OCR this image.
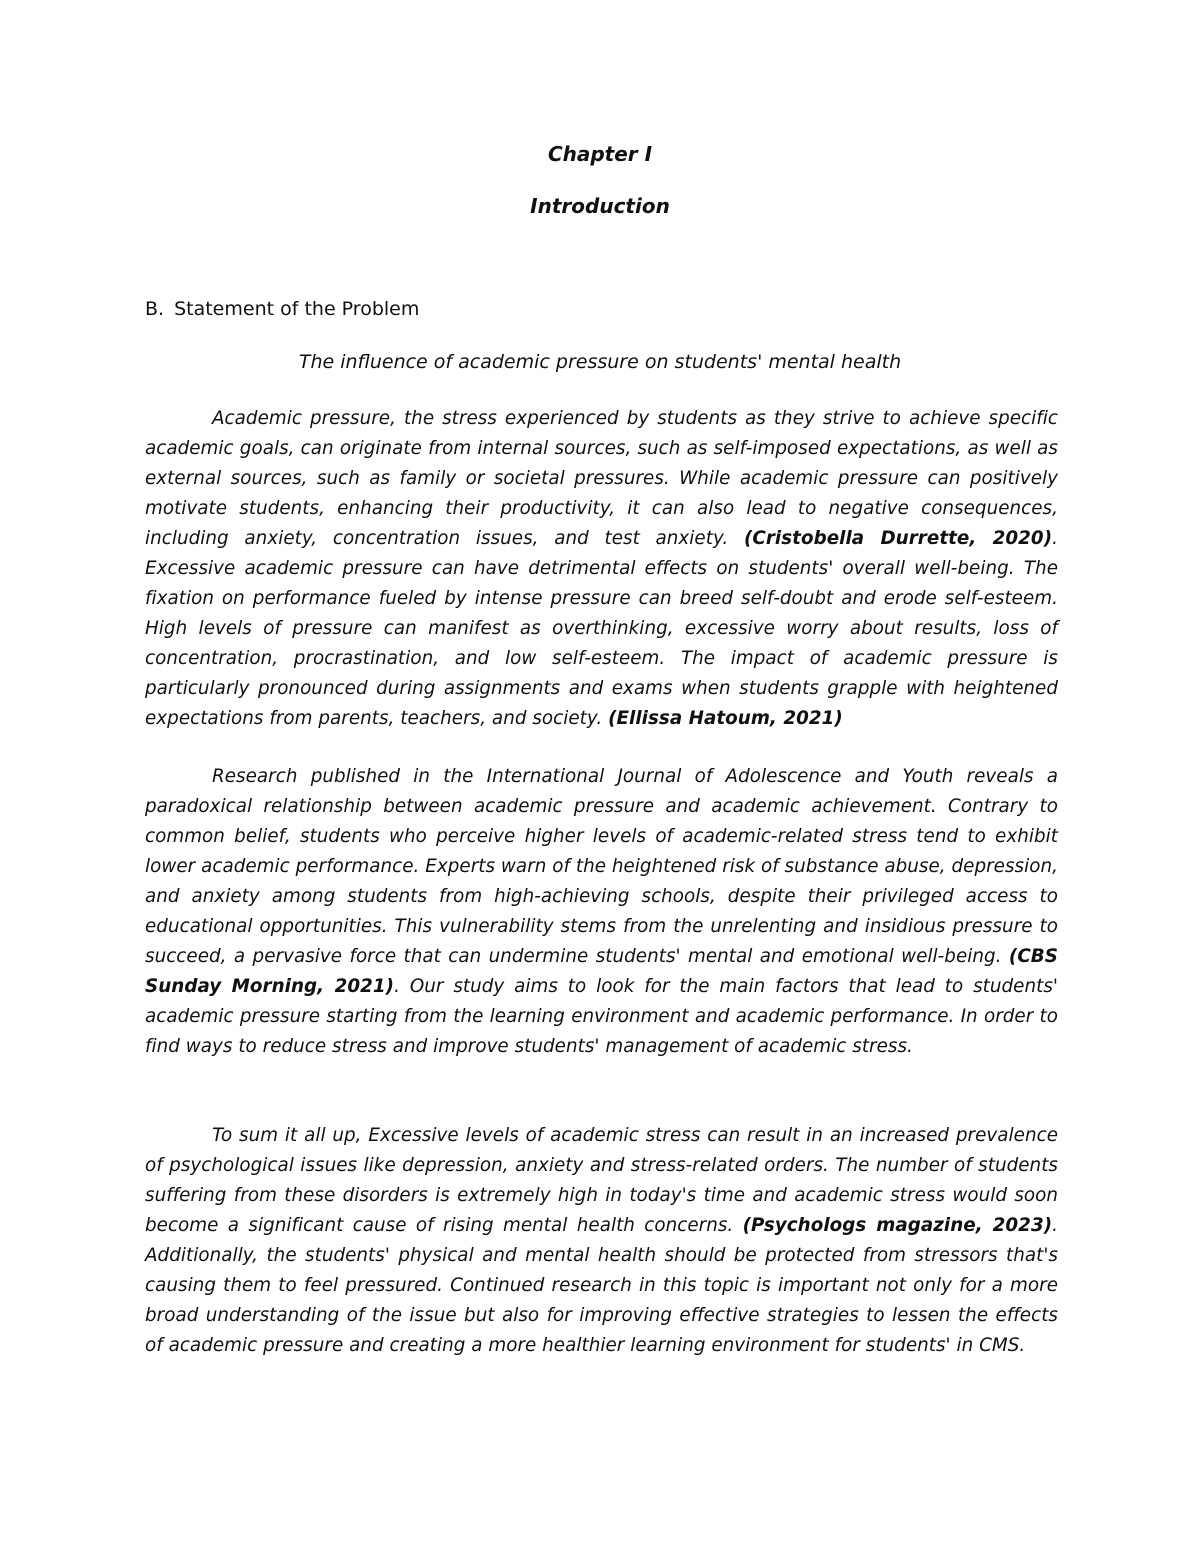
Chapter I

Introduction

B. Statement of the Problem

The influence of academic pressure on students' mental health

Academic pressure, the stress experienced by students as they strive to achieve specific academic goals, can originate from internal sources, such as self-imposed expectations, as well as external sources, such as family or societal pressures. While academic pressure can positively motivate students, enhancing their productivity, it can also lead to negative consequences, including anxiety, concentration issues, and test anxiety. (Cristobella Durrette, 2020). Excessive academic pressure can have detrimental effects on students' overall well-being. The fixation on performance fueled by intense pressure can breed self-doubt and erode self-esteem. High levels of pressure can manifest as overthinking, excessive worry about results, loss of concentration, procrastination, and low self-esteem. The impact of academic pressure is particularly pronounced during assignments and exams when students grapple with heightened expectations from parents, teachers, and society. (Ellissa Hatoum, 2021)

Research published in the International Journal of Adolescence and Youth reveals a paradoxical relationship between academic pressure and academic achievement. Contrary to common belief, students who perceive higher levels of academic-related stress tend to exhibit lower academic performance. Experts warn of the heightened risk of substance abuse, depression, and anxiety among students from high-achieving schools, despite their privileged access to educational opportunities. This vulnerability stems from the unrelenting and insidious pressure to succeed, a pervasive force that can undermine students' mental and emotional well-being. (CBS Sunday Morning, 2021). Our study aims to look for the main factors that lead to students' academic pressure starting from the learning environment and academic performance. In order to find ways to reduce stress and improve students' management of academic stress.

To sum it all up, Excessive levels of academic stress can result in an increased prevalence of psychological issues like depression, anxiety and stress-related orders. The number of students suffering from these disorders is extremely high in today's time and academic stress would soon become a significant cause of rising mental health concerns. (Psychologs magazine, 2023). Additionally, the students' physical and mental health should be protected from stressors that's causing them to feel pressured. Continued research in this topic is important not only for a more broad understanding of the issue but also for improving effective strategies to lessen the effects of academic pressure and creating a more healthier learning environment for students' in CMS.
